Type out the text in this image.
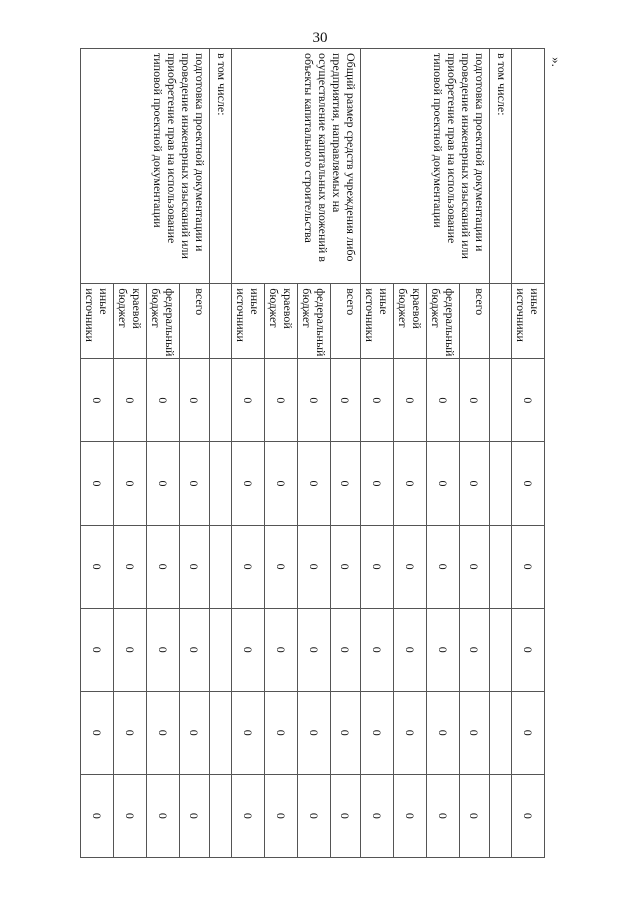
30
».
	иные источники	0	0	0	0	0	0
в том числе:							
подготовка проектной документации и проведение инженерных изысканий или приобретение прав на использование типовой проектной документации	всего	0	0	0	0	0	0
	федеральный бюджет	0	0	0	0	0	0
	краевой бюджет	0	0	0	0	0	0
	иные источники	0	0	0	0	0	0
Общий размер средств учреждения либо предприятия, направляемых на осуществление капитальных вложений в объекты капитального строительства	всего	0	0	0	0	0	0
	федеральный бюджет	0	0	0	0	0	0
	краевой бюджет	0	0	0	0	0	0
	иные источники	0	0	0	0	0	0
в том числе:							
подготовка проектной документации и проведение инженерных изысканий или приобретение прав на использование типовой проектной документации	всего	0	0	0	0	0	0
	федеральный бюджет	0	0	0	0	0	0
	краевой бюджет	0	0	0	0	0	0
	иные источники	0	0	0	0	0	0
